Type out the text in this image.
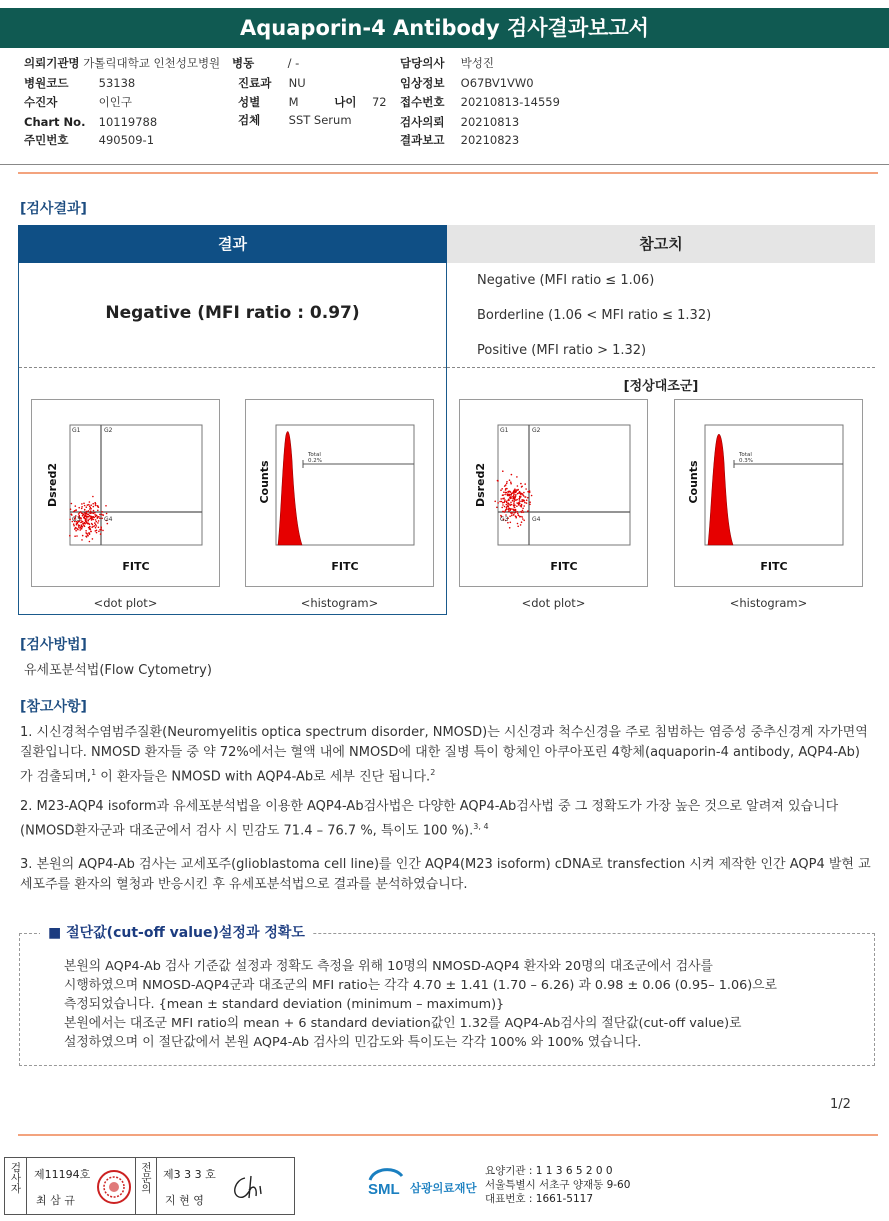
Aquaporin-4 Antibody 검사결과보고서
의뢰기관명 가톨릭대학교 인천성모병원 병동	/ -	담당의사 박성진
병원코드	53138	진료과 NU	임상정보 O67BV1VW0
수진자	이인구	성별 M	나이 72 접수번호 20210813-14559
Chart No. 10119788	검체 SST Serum	검사의뢰 20210813
주민번호	490509-1	결과보고 20210823
[검사결과]
결과	참고치
Negative (MFI ratio : 0.97)
Negative (MFI ratio ≤ 1.06)
Borderline (1.06 < MFI ratio ≤ 1.32)
Positive (MFI ratio > 1.32)
[정상대조군]
G1	G2
G3	G4
Dsred2
FITC
<dot plot>
Total
0.2%
Counts
FITC
<histogram>
G1	G2
G3	G4
Dsred2
FITC
<dot plot>
Total
0.3%
Counts
FITC
<histogram>
[검사방법]
유세포분석법(Flow Cytometry)
[참고사항]
1. 시신경척수염범주질환(Neuromyelitis optica spectrum disorder, NMOSD)는 시신경과 척수신경을 주로 침범하는 염증성 중추신경계 자가면역 질환입니다. NMOSD 환자들 중 약 72%에서는 혈액 내에 NMOSD에 대한 질병 특이 항체인 아쿠아포린 4항체(aquaporin-4 antibody, AQP4-Ab)가 검출되며,$^1$ 이 환자들은 NMOSD with AQP4-Ab로 세부 진단 됩니다.$^2$
2. M23-AQP4 isoform과 유세포분석법을 이용한 AQP4-Ab검사법은 다양한 AQP4-Ab검사법 중 그 정확도가 가장 높은 것으로 알려져 있습니다(NMOSD환자군과 대조군에서 검사 시 민감도 71.4 – 76.7 %, 특이도 100 %).$^{3, 4}$
3. 본원의 AQP4-Ab 검사는 교세포주(glioblastoma cell line)를 인간 AQP4(M23 isoform) cDNA로 transfection 시켜 제작한 인간 AQP4 발현 교세포주를 환자의 혈청과 반응시킨 후 유세포분석법으로 결과를 분석하였습니다.
■ 절단값(cut-off value)설정과 정확도
본원의 AQP4-Ab 검사 기준값 설정과 정확도 측정을 위해 10명의 NMOSD-AQP4 환자와 20명의 대조군에서 검사를
시행하였으며 NMOSD-AQP4군과 대조군의 MFI ratio는 각각 4.70 ± 1.41 (1.70 – 6.26) 과 0.98 ± 0.06 (0.95– 1.06)으로
측정되었습니다. {mean ± standard deviation (minimum – maximum)}
본원에서는 대조군 MFI ratio의 mean + 6 standard deviation값인 1.32를 AQP4-Ab검사의 절단값(cut-off value)로
설정하였으며 이 절단값에서 본원 AQP4-Ab 검사의 민감도와 특이도는 각각 100% 와 100% 였습니다.
1/2
검사자	제11194호
최 삼 규
전문의	제3 3 3 호
지 현 영
SML 삼광의료재단
요양기관 : 1 1 3 6 5 2 0 0
서울특별시 서초구 양재동 9-60
대표번호 : 1661-5117
